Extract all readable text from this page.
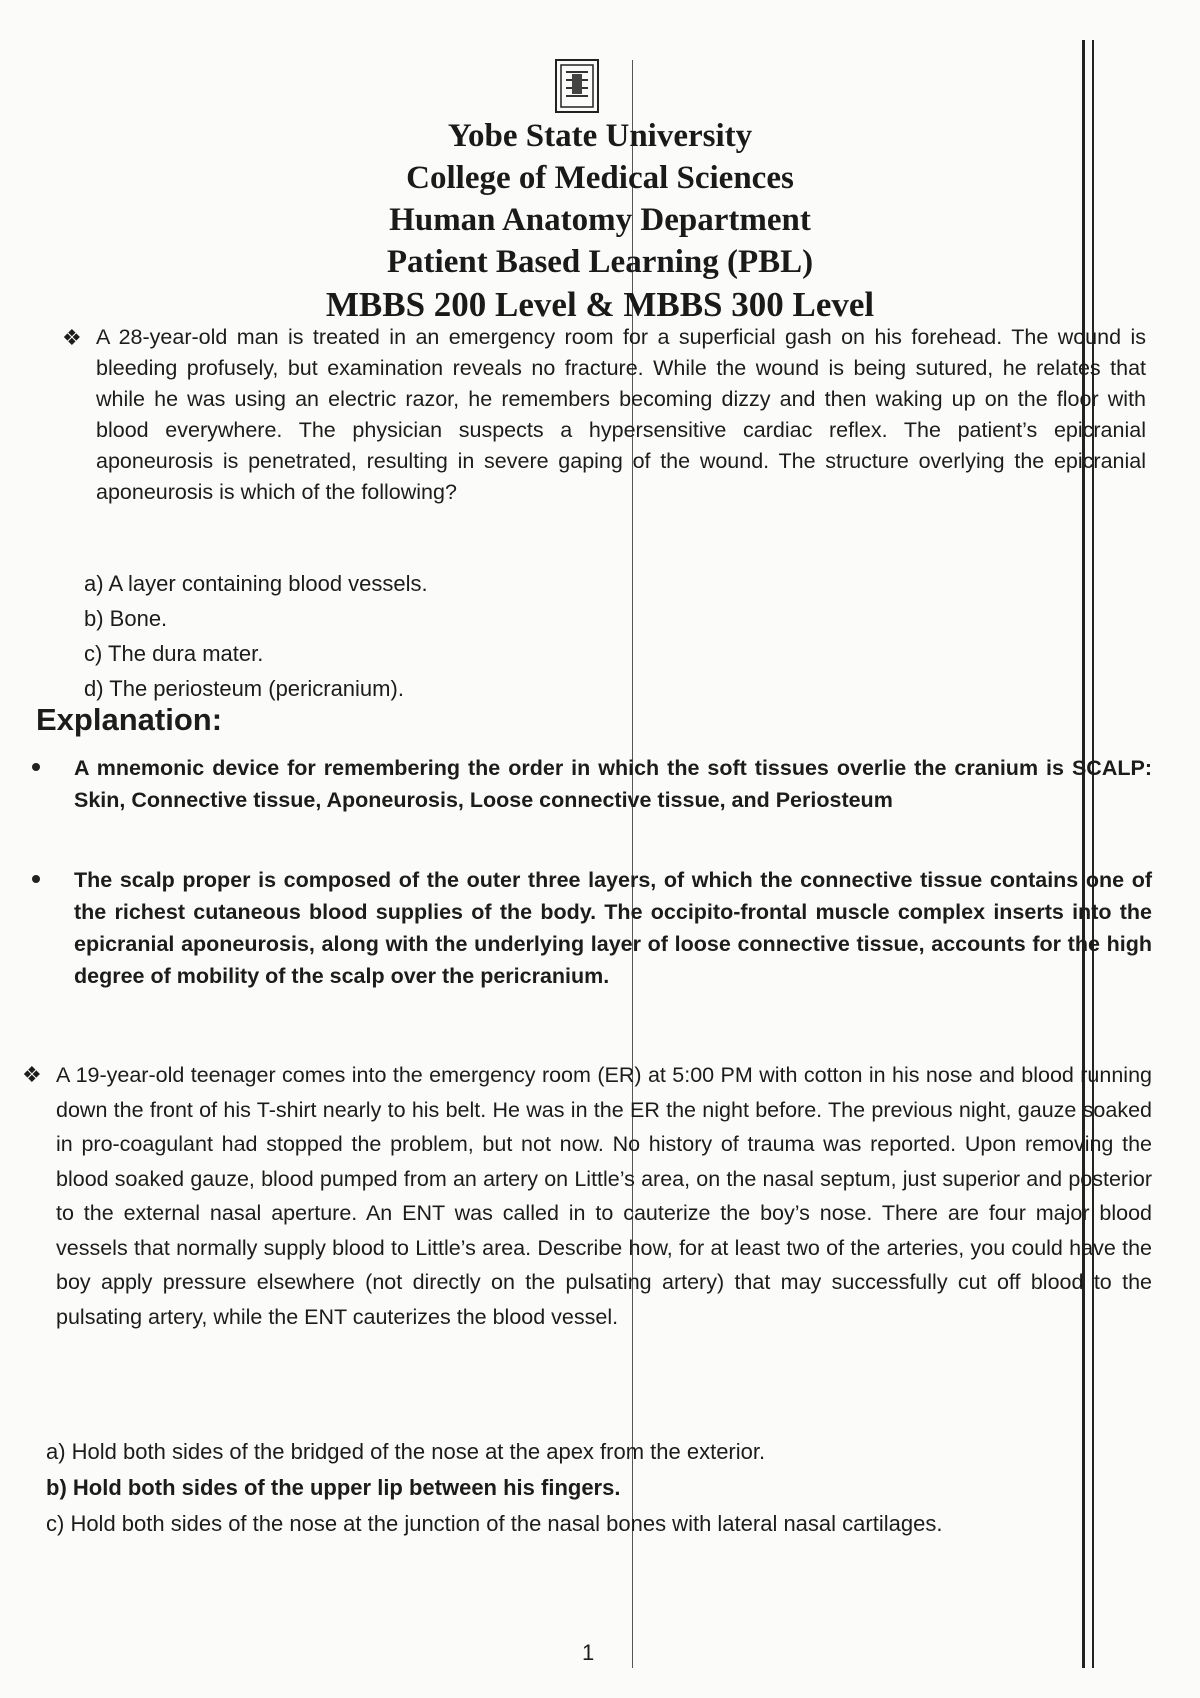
Yobe State University
College of Medical Sciences
Human Anatomy Department
Patient Based Learning (PBL)
MBBS 200 Level & MBBS 300 Level
❖ A 28-year-old man is treated in an emergency room for a superficial gash on his forehead. The wound is bleeding profusely, but examination reveals no fracture. While the wound is being sutured, he relates that while he was using an electric razor, he remembers becoming dizzy and then waking up on the floor with blood everywhere. The physician suspects a hypersensitive cardiac reflex. The patient’s epicranial aponeurosis is penetrated, resulting in severe gaping of the wound. The structure overlying the epicranial aponeurosis is which of the following?
a) A layer containing blood vessels.
b) Bone.
c) The dura mater.
d) The periosteum (pericranium).
Explanation:
A mnemonic device for remembering the order in which the soft tissues overlie the cranium is SCALP: Skin, Connective tissue, Aponeurosis, Loose connective tissue, and Periosteum
The scalp proper is composed of the outer three layers, of which the connective tissue contains one of the richest cutaneous blood supplies of the body. The occipito-frontal muscle complex inserts into the epicranial aponeurosis, along with the underlying layer of loose connective tissue, accounts for the high degree of mobility of the scalp over the pericranium.
❖ A 19-year-old teenager comes into the emergency room (ER) at 5:00 PM with cotton in his nose and blood running down the front of his T-shirt nearly to his belt. He was in the ER the night before. The previous night, gauze soaked in pro-coagulant had stopped the problem, but not now. No history of trauma was reported. Upon removing the blood soaked gauze, blood pumped from an artery on Little’s area, on the nasal septum, just superior and posterior to the external nasal aperture. An ENT was called in to cauterize the boy’s nose. There are four major blood vessels that normally supply blood to Little’s area. Describe how, for at least two of the arteries, you could have the boy apply pressure elsewhere (not directly on the pulsating artery) that may successfully cut off blood to the pulsating artery, while the ENT cauterizes the blood vessel.
a) Hold both sides of the bridged of the nose at the apex from the exterior.
b) Hold both sides of the upper lip between his fingers.
c) Hold both sides of the nose at the junction of the nasal bones with lateral nasal cartilages.
1
